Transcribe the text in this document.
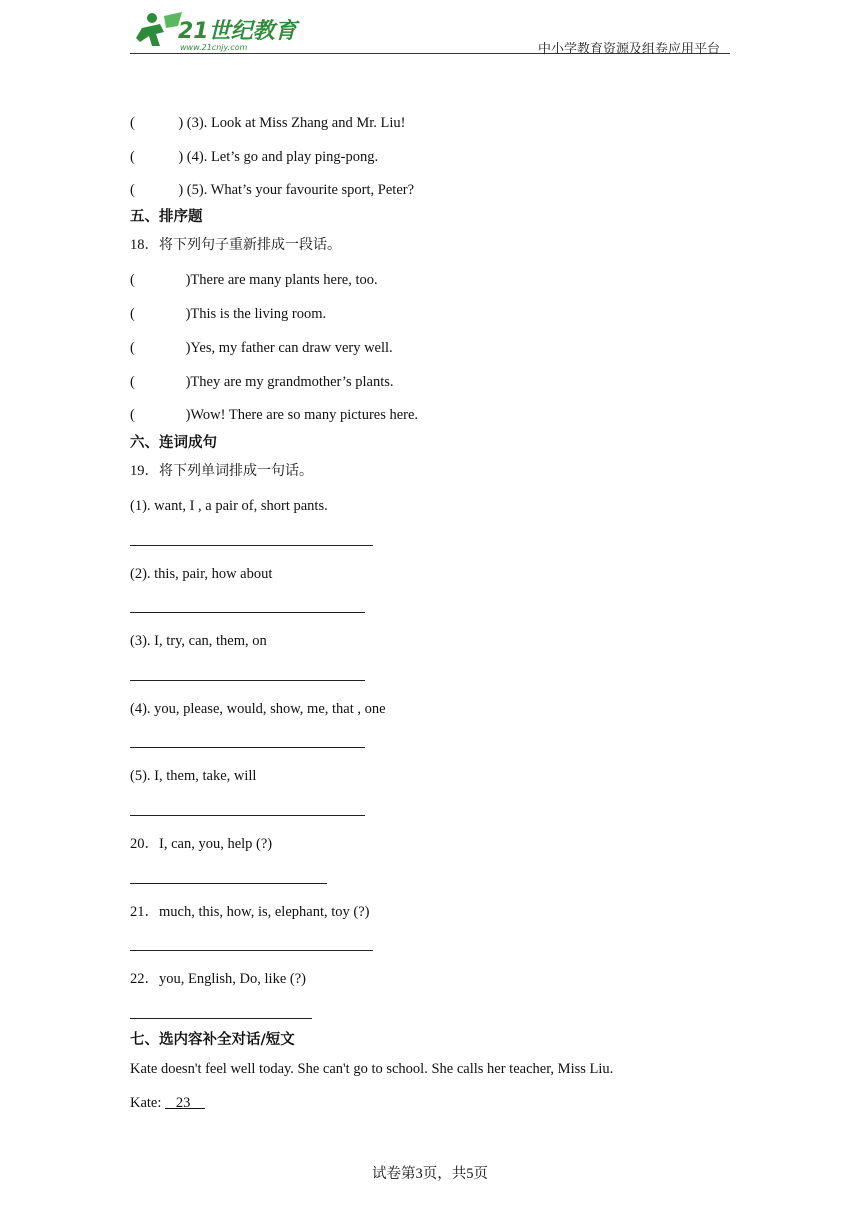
21世纪教育
www.21cnjy.com	中小学教育资源及组卷应用平台
(            ) (3). Look at Miss Zhang and Mr. Liu!
(            ) (4). Let’s go and play ping-pong.
(            ) (5). What’s your favourite sport, Peter?
五、排序题
18．将下列句子重新排成一段话。
(              )There are many plants here, too.
(              )This is the living room.
(              )Yes, my father can draw very well.
(              )They are my grandmother’s plants.
(              )Wow! There are so many pictures here.
六、连词成句
19．将下列单词排成一句话。
(1). want, I , a pair of, short pants.
(2). this, pair, how about
(3). I, try, can, them, on
(4). you, please, would, show, me, that , one
(5). I, them, take, will
20．I, can, you, help (?)
21．much, this, how, is, elephant, toy (?)
22．you, English, Do, like (?)
七、选内容补全对话/短文
Kate doesn't feel well today. She can't go to school. She calls her teacher, Miss Liu.
Kate:    23
试卷第3页，共5页
